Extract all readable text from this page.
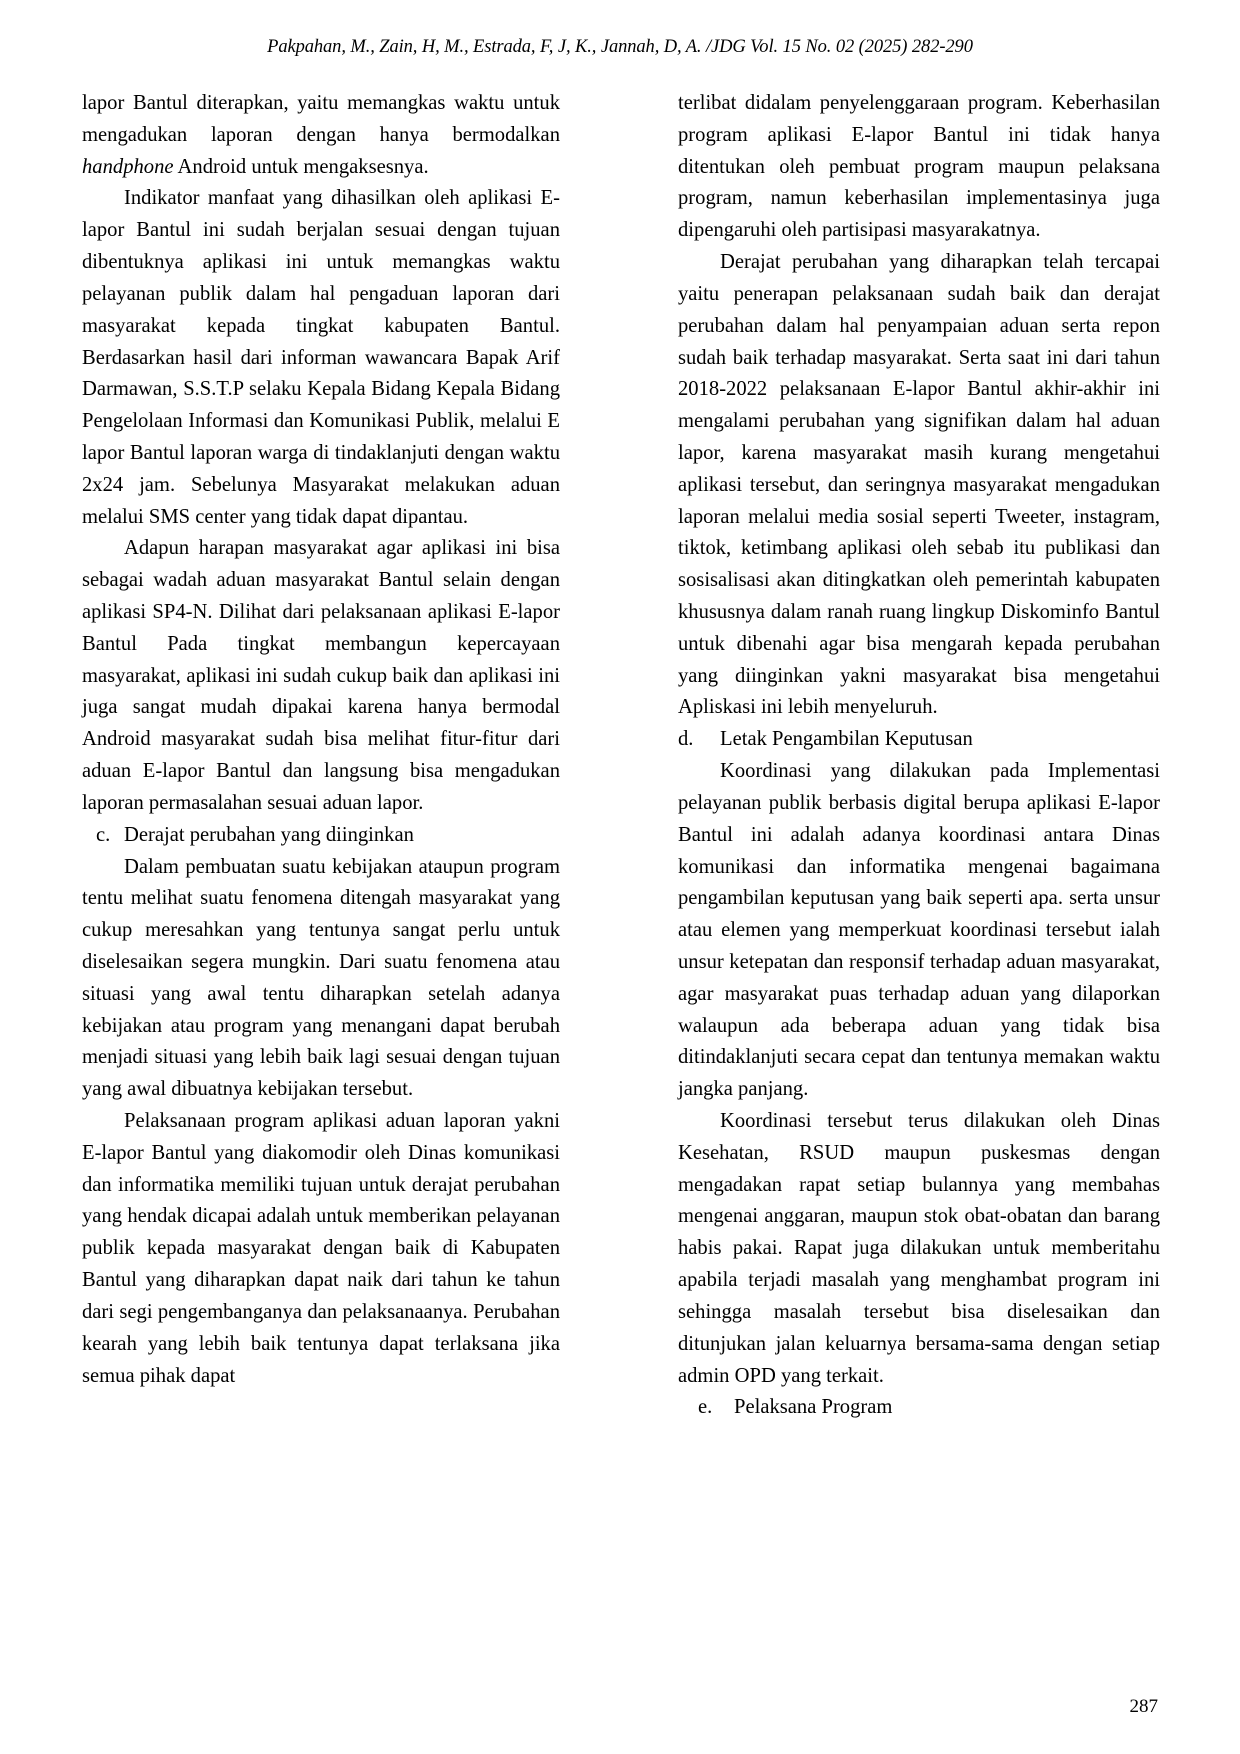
Pakpahan, M., Zain, H, M., Estrada, F, J, K., Jannah, D, A. /JDG Vol. 15 No. 02 (2025) 282-290

lapor Bantul diterapkan, yaitu memangkas waktu untuk mengadukan laporan dengan hanya bermodalkan handphone Android untuk mengaksesnya.

Indikator manfaat yang dihasilkan oleh aplikasi E-lapor Bantul ini sudah berjalan sesuai dengan tujuan dibentuknya aplikasi ini untuk memangkas waktu pelayanan publik dalam hal pengaduan laporan dari masyarakat kepada tingkat kabupaten Bantul. Berdasarkan hasil dari informan wawancara Bapak Arif Darmawan, S.S.T.P selaku Kepala Bidang Kepala Bidang Pengelolaan Informasi dan Komunikasi Publik, melalui E lapor Bantul laporan warga di tindaklanjuti dengan waktu 2x24 jam. Sebelunya Masyarakat melakukan aduan melalui SMS center yang tidak dapat dipantau.

Adapun harapan masyarakat agar aplikasi ini bisa sebagai wadah aduan masyarakat Bantul selain dengan aplikasi SP4-N. Dilihat dari pelaksanaan aplikasi E-lapor Bantul Pada tingkat membangun kepercayaan masyarakat, aplikasi ini sudah cukup baik dan aplikasi ini juga sangat mudah dipakai karena hanya bermodal Android masyarakat sudah bisa melihat fitur-fitur dari aduan E-lapor Bantul dan langsung bisa mengadukan laporan permasalahan sesuai aduan lapor.

c. Derajat perubahan yang diinginkan

Dalam pembuatan suatu kebijakan ataupun program tentu melihat suatu fenomena ditengah masyarakat yang cukup meresahkan yang tentunya sangat perlu untuk diselesaikan segera mungkin. Dari suatu fenomena atau situasi yang awal tentu diharapkan setelah adanya kebijakan atau program yang menangani dapat berubah menjadi situasi yang lebih baik lagi sesuai dengan tujuan yang awal dibuatnya kebijakan tersebut.

Pelaksanaan program aplikasi aduan laporan yakni E-lapor Bantul yang diakomodir oleh Dinas komunikasi dan informatika memiliki tujuan untuk derajat perubahan yang hendak dicapai adalah untuk memberikan pelayanan publik kepada masyarakat dengan baik di Kabupaten Bantul yang diharapkan dapat naik dari tahun ke tahun dari segi pengembanganya dan pelaksanaanya. Perubahan kearah yang lebih baik tentunya dapat terlaksana jika semua pihak dapat

terlibat didalam penyelenggaraan program. Keberhasilan program aplikasi E-lapor Bantul ini tidak hanya ditentukan oleh pembuat program maupun pelaksana program, namun keberhasilan implementasinya juga dipengaruhi oleh partisipasi masyarakatnya.

Derajat perubahan yang diharapkan telah tercapai yaitu penerapan pelaksanaan sudah baik dan derajat perubahan dalam hal penyampaian aduan serta repon sudah baik terhadap masyarakat. Serta saat ini dari tahun 2018-2022 pelaksanaan E-lapor Bantul akhir-akhir ini mengalami perubahan yang signifikan dalam hal aduan lapor, karena masyarakat masih kurang mengetahui aplikasi tersebut, dan seringnya masyarakat mengadukan laporan melalui media sosial seperti Tweeter, instagram, tiktok, ketimbang aplikasi oleh sebab itu publikasi dan sosisalisasi akan ditingkatkan oleh pemerintah kabupaten khususnya dalam ranah ruang lingkup Diskominfo Bantul untuk dibenahi agar bisa mengarah kepada perubahan yang diinginkan yakni masyarakat bisa mengetahui Apliskasi ini lebih menyeluruh.

d.	Letak Pengambilan Keputusan

Koordinasi yang dilakukan pada Implementasi pelayanan publik berbasis digital berupa aplikasi E-lapor Bantul ini adalah adanya koordinasi antara Dinas komunikasi dan informatika mengenai bagaimana pengambilan keputusan yang baik seperti apa. serta unsur atau elemen yang memperkuat koordinasi tersebut ialah unsur ketepatan dan responsif terhadap aduan masyarakat, agar masyarakat puas terhadap aduan yang dilaporkan walaupun ada beberapa aduan yang tidak bisa ditindaklanjuti secara cepat dan tentunya memakan waktu jangka panjang.

Koordinasi tersebut terus dilakukan oleh Dinas Kesehatan, RSUD maupun puskesmas dengan mengadakan rapat setiap bulannya yang membahas mengenai anggaran, maupun stok obat-obatan dan barang habis pakai. Rapat juga dilakukan untuk memberitahu apabila terjadi masalah yang menghambat program ini sehingga masalah tersebut bisa diselesaikan dan ditunjukan jalan keluarnya bersama-sama dengan setiap admin OPD yang terkait.

e.	Pelaksana Program
287
